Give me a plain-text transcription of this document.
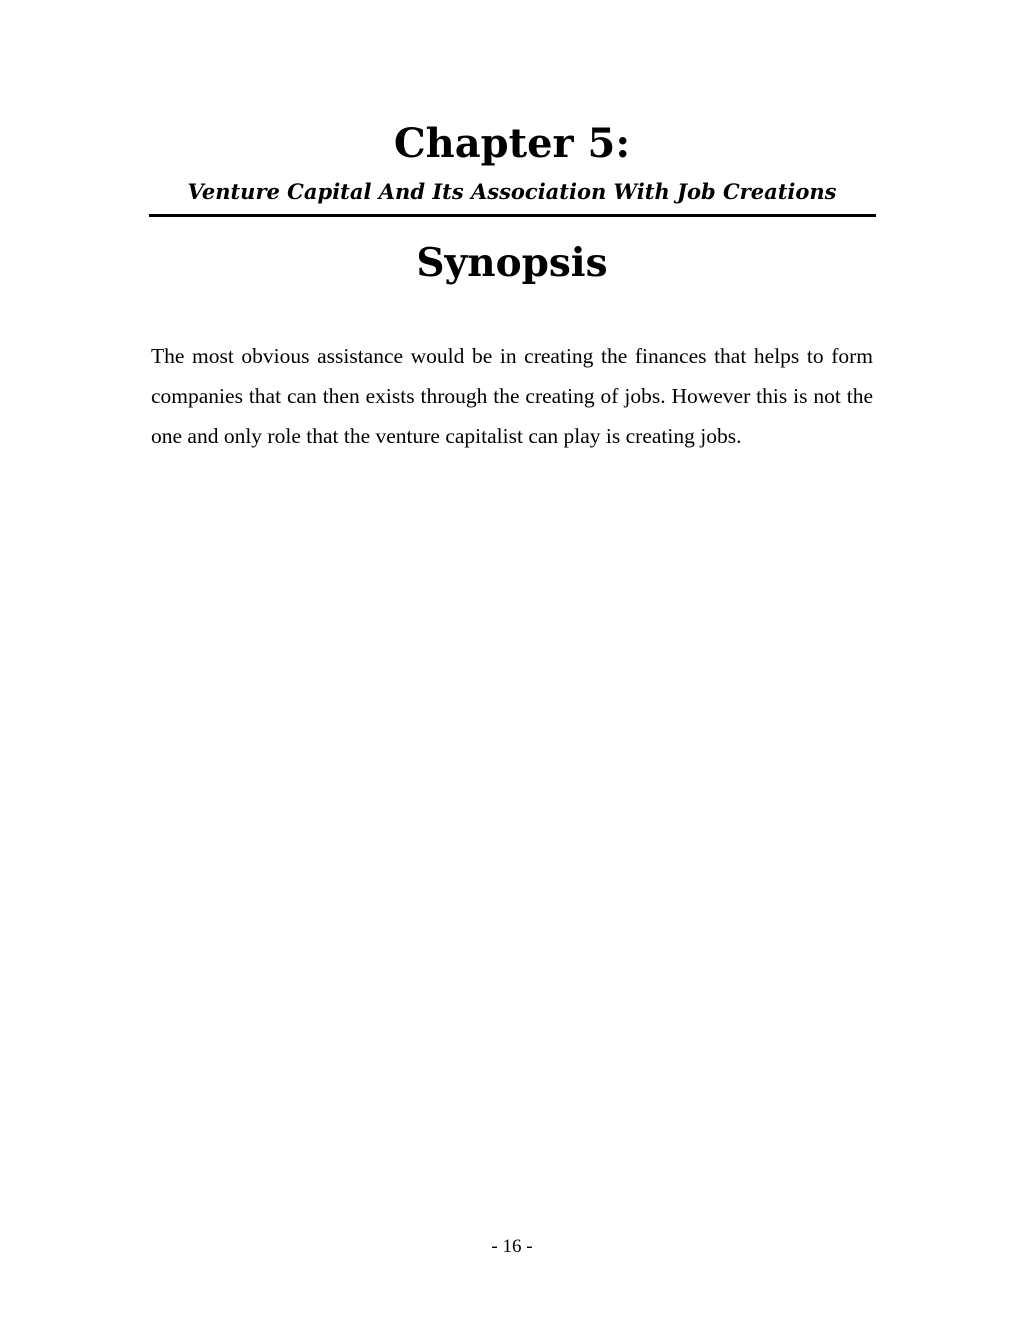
Chapter 5:
Venture Capital And Its Association With Job Creations
Synopsis

The most obvious assistance would be in creating the finances that helps to form companies that can then exists through the creating of jobs. However this is not the one and only role that the venture capitalist can play is creating jobs.

- 16 -
